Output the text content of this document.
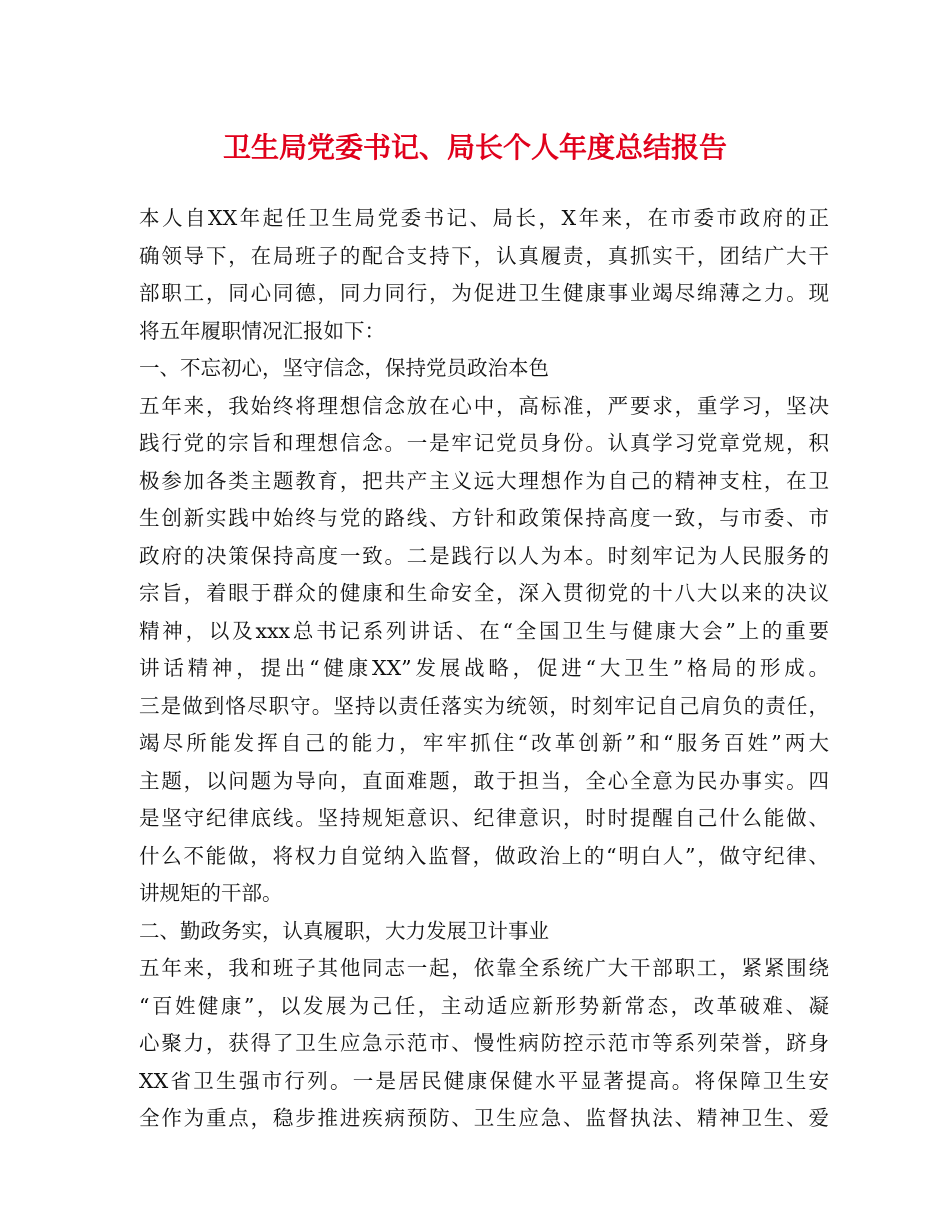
卫生局党委书记、局长个人年度总结报告
本人自XX年起任卫生局党委书记、局长，X年来，在市委市政府的正
确领导下，在局班子的配合支持下，认真履责，真抓实干，团结广大干
部职工，同心同德，同力同行，为促进卫生健康事业竭尽绵薄之力。现
将五年履职情况汇报如下：
一、不忘初心，坚守信念，保持党员政治本色
五年来，我始终将理想信念放在心中，高标准，严要求，重学习，坚决
践行党的宗旨和理想信念。一是牢记党员身份。认真学习党章党规，积
极参加各类主题教育，把共产主义远大理想作为自己的精神支柱，在卫
生创新实践中始终与党的路线、方针和政策保持高度一致，与市委、市
政府的决策保持高度一致。二是践行以人为本。时刻牢记为人民服务的
宗旨，着眼于群众的健康和生命安全，深入贯彻党的十八大以来的决议
精神，以及xxx总书记系列讲话、在“全国卫生与健康大会”上的重要
讲话精神，提出“健康XX”发展战略，促进“大卫生”格局的形成。
三是做到恪尽职守。坚持以责任落实为统领，时刻牢记自己肩负的责任，
竭尽所能发挥自己的能力，牢牢抓住“改革创新”和“服务百姓”两大
主题，以问题为导向，直面难题，敢于担当，全心全意为民办事实。四
是坚守纪律底线。坚持规矩意识、纪律意识，时时提醒自己什么能做、
什么不能做，将权力自觉纳入监督，做政治上的“明白人”，做守纪律、
讲规矩的干部。
二、勤政务实，认真履职，大力发展卫计事业
五年来，我和班子其他同志一起，依靠全系统广大干部职工，紧紧围绕
“百姓健康”，以发展为己任，主动适应新形势新常态，改革破难、凝
心聚力，获得了卫生应急示范市、慢性病防控示范市等系列荣誉，跻身
XX省卫生强市行列。一是居民健康保健水平显著提高。将保障卫生安
全作为重点，稳步推进疾病预防、卫生应急、监督执法、精神卫生、爱
